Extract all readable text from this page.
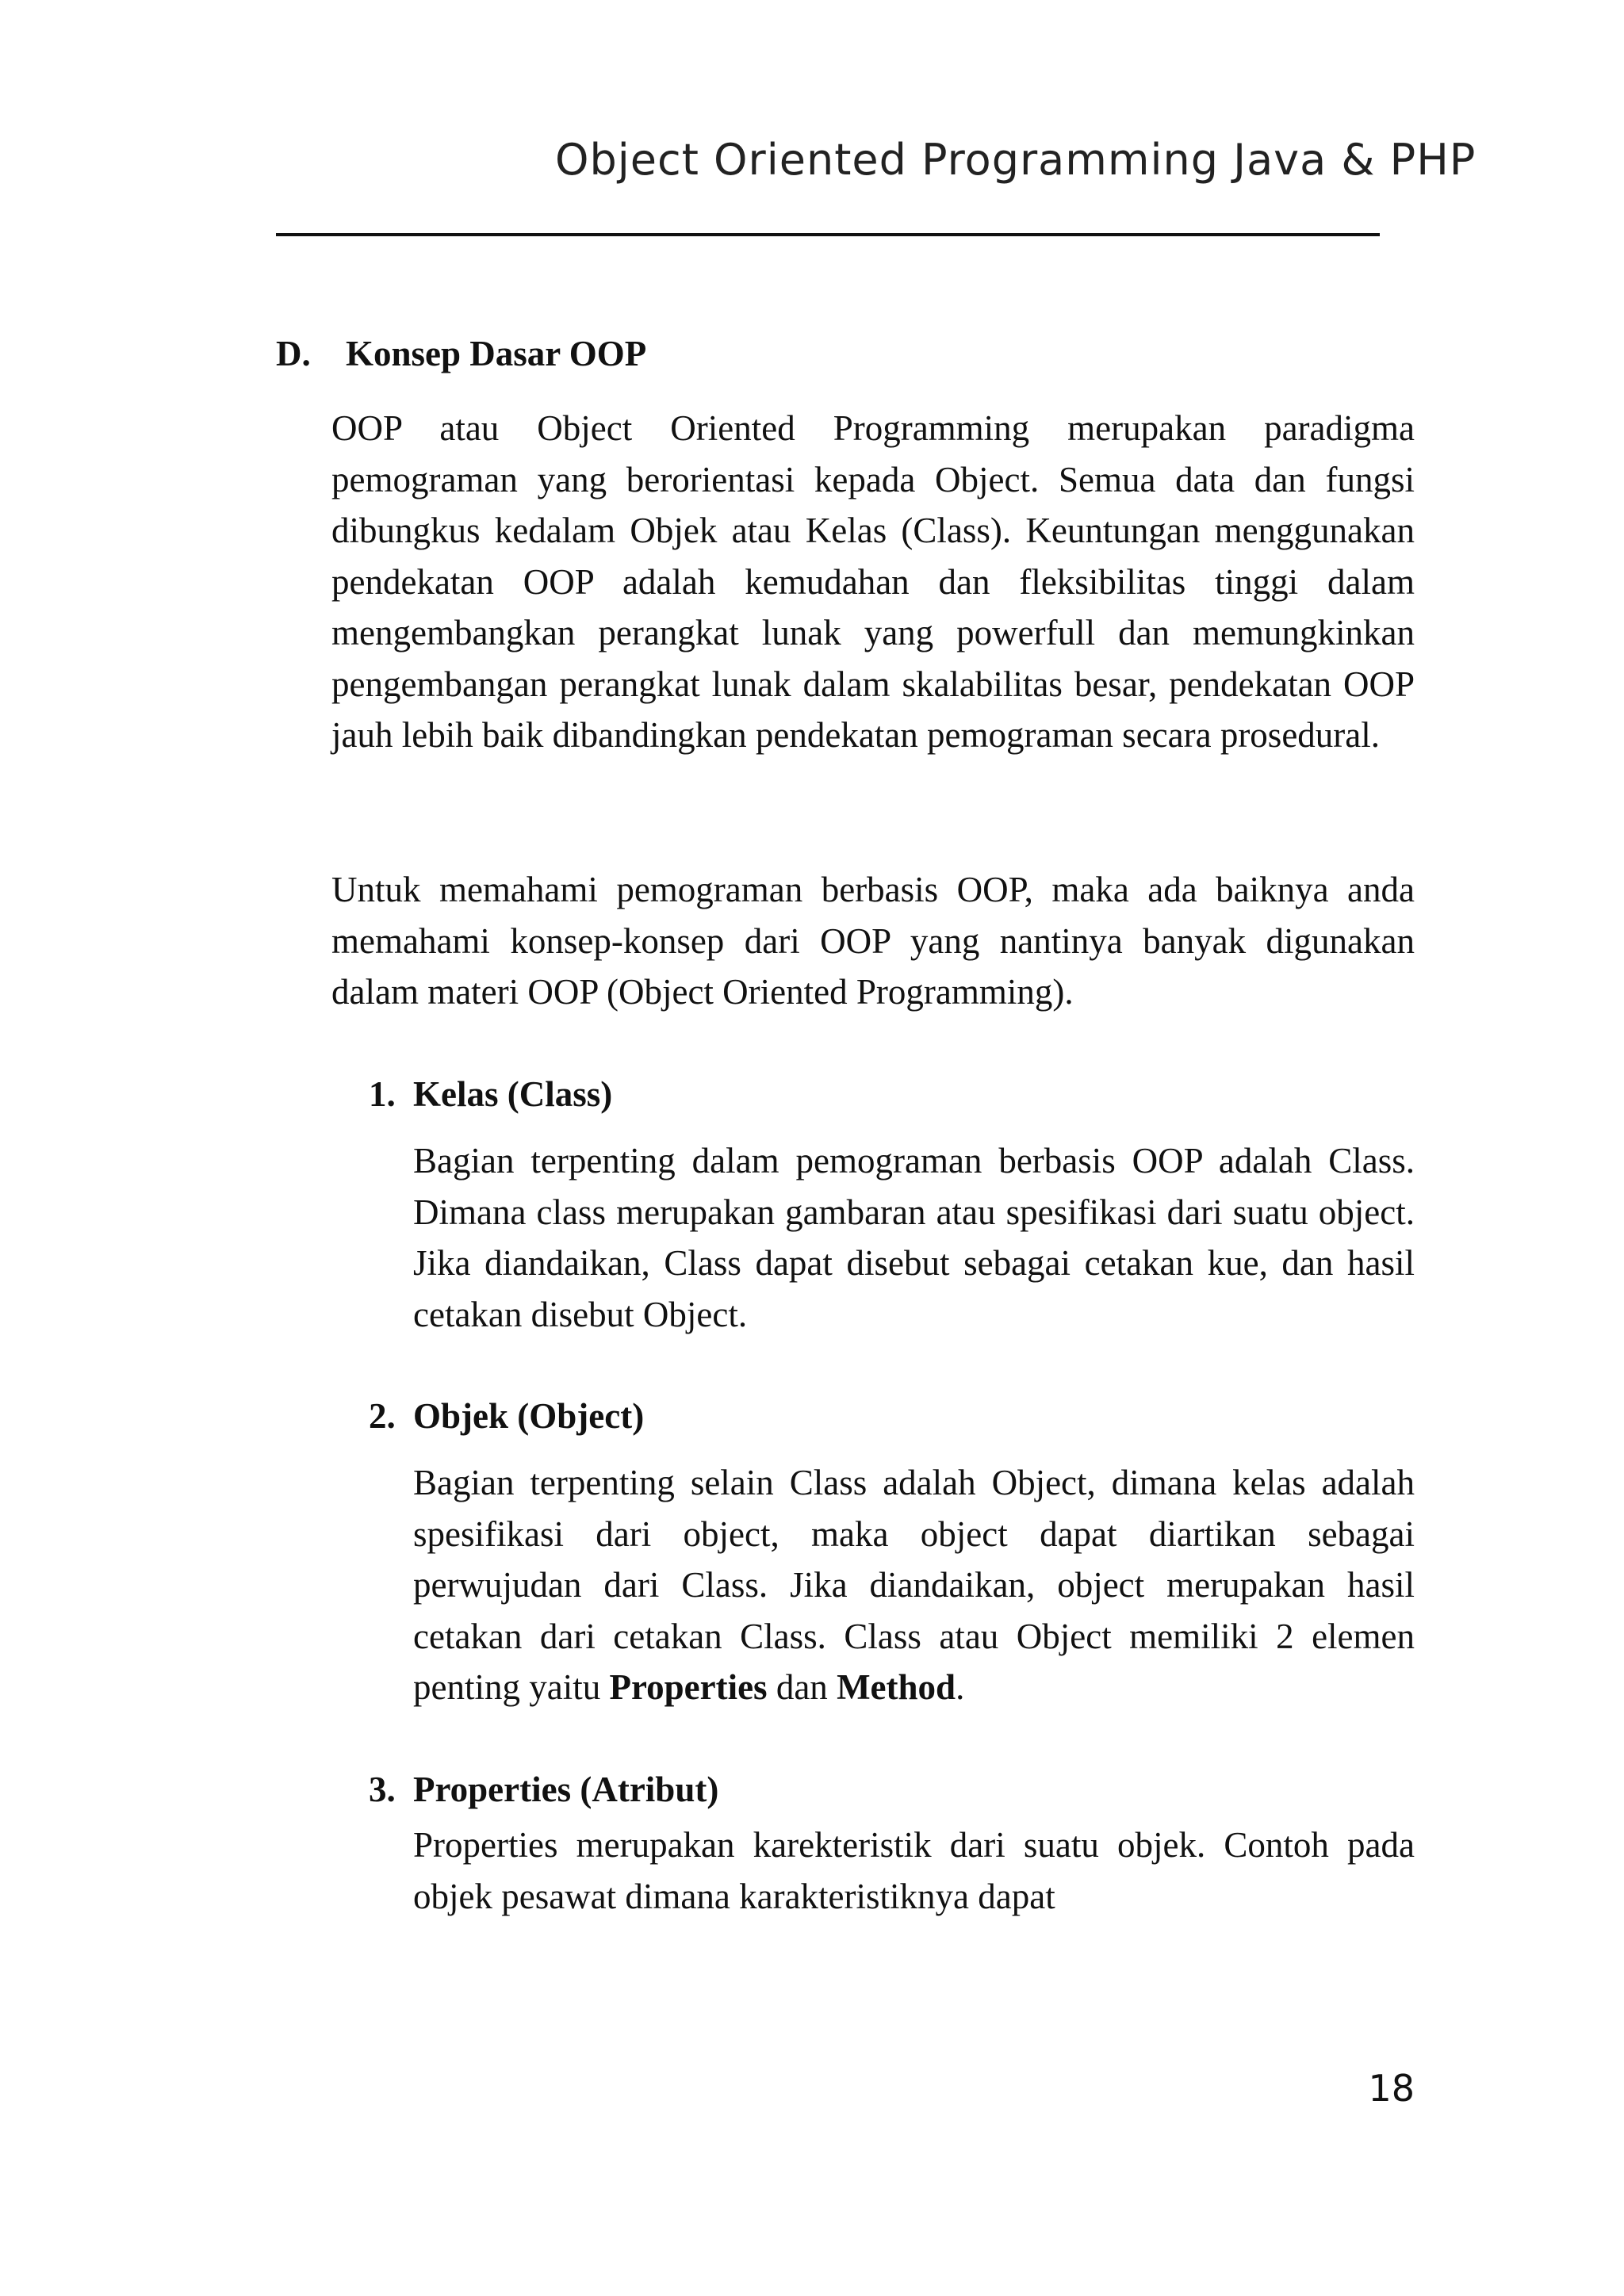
Object Oriented Programming Java & PHP
D. Konsep Dasar OOP

OOP atau Object Oriented Programming merupakan paradigma pemograman yang berorientasi kepada Object. Semua data dan fungsi dibungkus kedalam Objek atau Kelas (Class). Keuntungan menggunakan pendekatan OOP adalah kemudahan dan fleksibilitas tinggi dalam mengembangkan perangkat lunak yang powerfull dan memungkinkan pengembangan perangkat lunak dalam skalabilitas besar, pendekatan OOP jauh lebih baik dibandingkan pendekatan pemograman secara prosedural.

Untuk memahami pemograman berbasis OOP, maka ada baiknya anda memahami konsep-konsep dari OOP yang nantinya banyak digunakan dalam materi OOP (Object Oriented Programming).

1. Kelas (Class)

Bagian terpenting dalam pemograman berbasis OOP adalah Class. Dimana class merupakan gambaran atau spesifikasi dari suatu object. Jika diandaikan, Class dapat disebut sebagai cetakan kue, dan hasil cetakan disebut Object.

2. Objek (Object)

Bagian terpenting selain Class adalah Object, dimana kelas adalah spesifikasi dari object, maka object dapat diartikan sebagai perwujudan dari Class. Jika diandaikan, object merupakan hasil cetakan dari cetakan Class. Class atau Object memiliki 2 elemen penting yaitu Properties dan Method.

3. Properties (Atribut)

Properties merupakan karekteristik dari suatu objek. Contoh pada objek pesawat dimana karakteristiknya dapat

18
